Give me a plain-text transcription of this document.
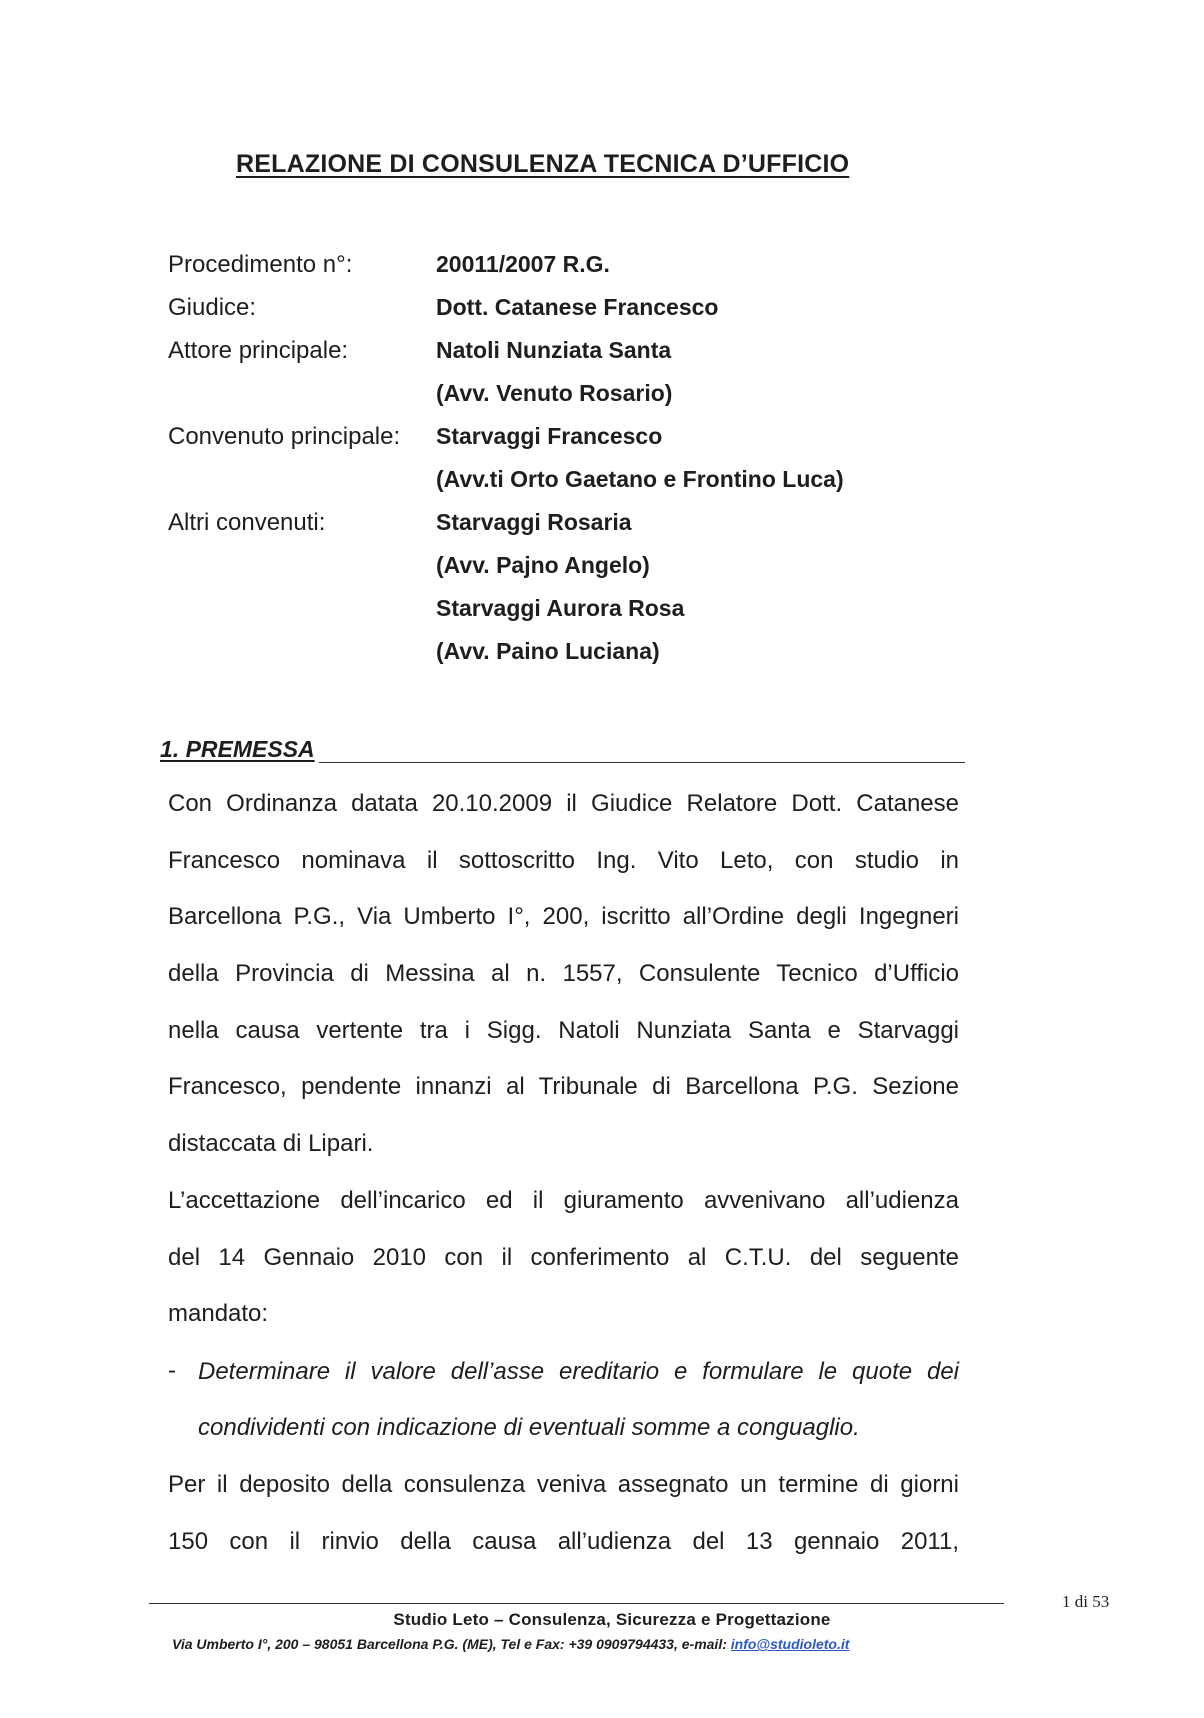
RELAZIONE DI CONSULENZA TECNICA D’UFFICIO
Procedimento n°:	20011/2007 R.G.
Giudice:	Dott. Catanese Francesco
Attore principale:	Natoli Nunziata Santa
(Avv. Venuto Rosario)
Convenuto principale:	Starvaggi Francesco
(Avv.ti Orto Gaetano e Frontino Luca)
Altri convenuti:	Starvaggi Rosaria
(Avv. Pajno Angelo)
Starvaggi Aurora Rosa
(Avv. Paino Luciana)
1. PREMESSA
Con Ordinanza datata 20.10.2009 il Giudice Relatore Dott. Catanese
Francesco nominava il sottoscritto Ing. Vito Leto, con studio in
Barcellona P.G., Via Umberto I°, 200, iscritto all’Ordine degli Ingegneri
della Provincia di Messina al n. 1557, Consulente Tecnico d’Ufficio
nella causa vertente tra i Sigg. Natoli Nunziata Santa e Starvaggi
Francesco, pendente innanzi al Tribunale di Barcellona P.G. Sezione
distaccata di Lipari.
L’accettazione dell’incarico ed il giuramento avvenivano all’udienza
del 14 Gennaio 2010 con il conferimento al C.T.U. del seguente
mandato:
- Determinare il valore dell’asse ereditario e formulare le quote dei
condividenti con indicazione di eventuali somme a conguaglio.
Per il deposito della consulenza veniva assegnato un termine di giorni
150 con il rinvio della causa all’udienza del 13 gennaio 2011,
1 di 53
Studio Leto – Consulenza, Sicurezza e Progettazione
Via Umberto I°, 200 – 98051 Barcellona P.G. (ME), Tel e Fax: +39 0909794433, e-mail: info@studioleto.it
